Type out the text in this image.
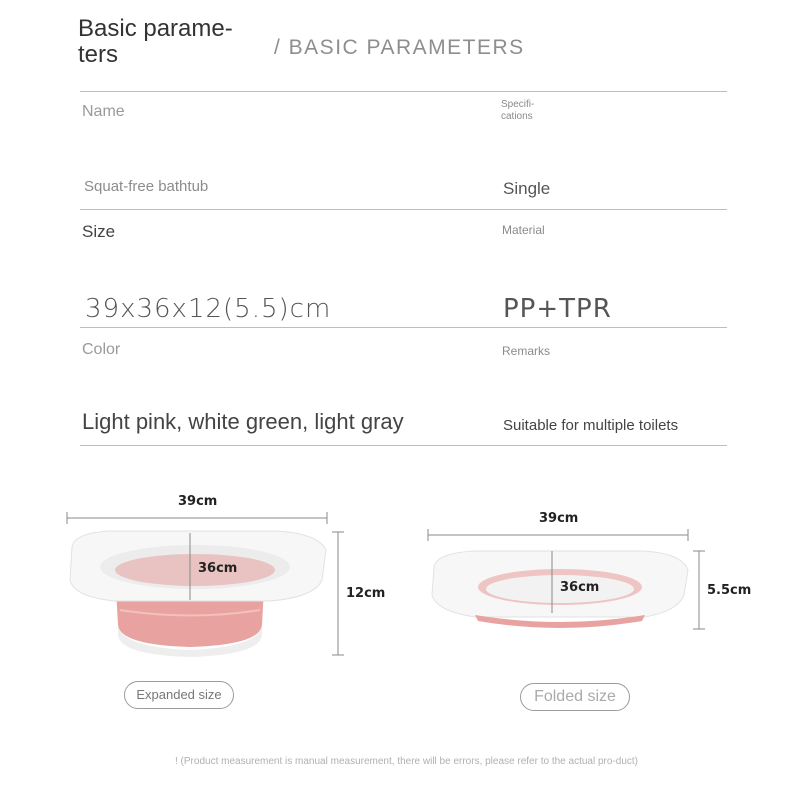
Basic parame-
ters	/ BASIC PARAMETERS
Name	Specifi-
cations
Squat-free bathtub	Single
Size	Material
39x36x12(5.5)cm	PP+TPR
Color	Remarks
Light pink, white green, light gray	Suitable for multiple toilets
39cm
36cm
12cm
Expanded size
39cm
36cm	5.5cm
Folded size
! (Product measurement is manual measurement, there will be errors, please refer to the actual pro-duct)
